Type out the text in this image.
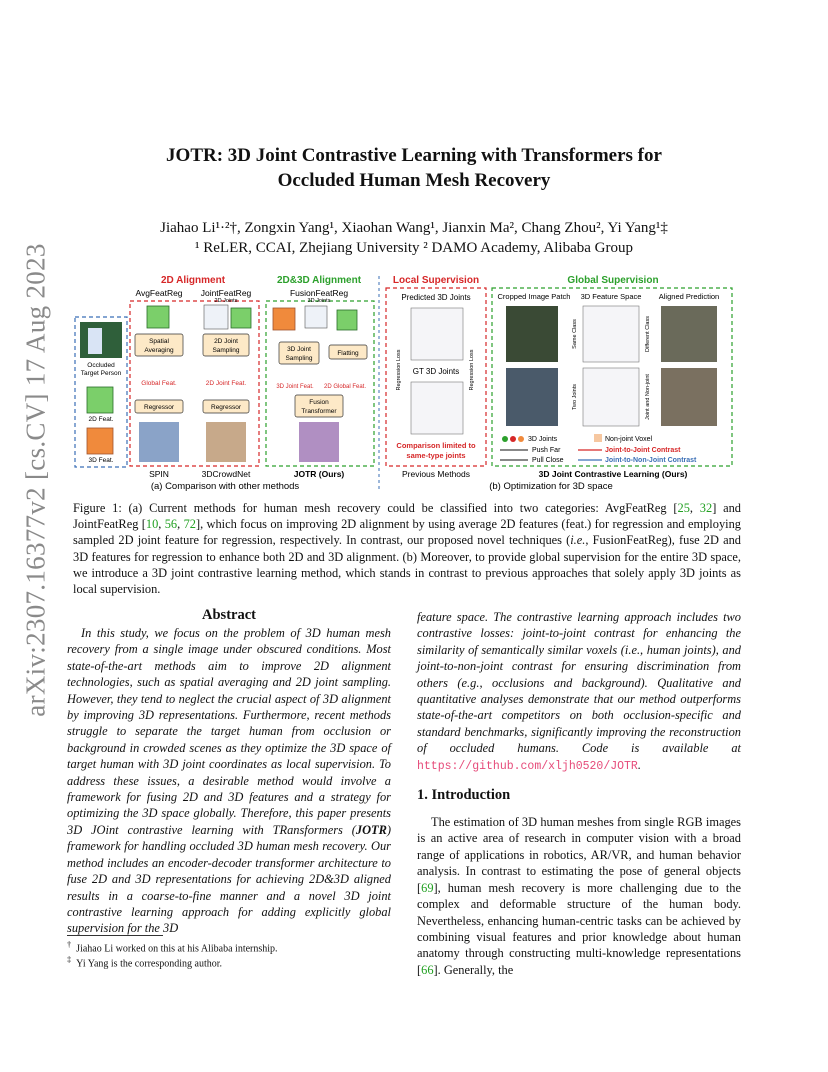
arXiv:2307.16377v2 [cs.CV] 17 Aug 2023
JOTR: 3D Joint Contrastive Learning with Transformers for
Occluded Human Mesh Recovery
Jiahao Li¹·²†, Zongxin Yang¹, Xiaohan Wang¹, Jianxin Ma², Chang Zhou², Yi Yang¹‡
¹ ReLER, CCAI, Zhejiang University ² DAMO Academy, Alibaba Group
Occluded
Target Person
2D Feat.
3D Feat.
2D Alignment
AvgFeatReg JointFeatReg
Spatial
Averaging
Global Feat.
Regressor
2D Joints
2D Joint
Sampling
2D Joint Feat.
Regressor
2D&3D Alignment
FusionFeatReg
3D Joints
3D Joint
Sampling
Flatting
3D Joint Feat. 2D Global Feat.
Fusion
Transformer
SPIN	3DCrowdNet	JOTR (Ours)
(a) Comparison with other methods
Local Supervision
Predicted 3D Joints
GT 3D Joints
Regression Loss	Regression Loss
Comparison limited to
same-type joints
Previous Methods
Global Supervision
Cropped Image Patch 3D Feature Space Aligned Prediction
Same Class	Different Class
Two Joints	Joint and Non-joint
3D Joints	Non-joint Voxel
Push Far
Pull Close
Joint-to-Joint Contrast
Joint-to-Non-Joint Contrast
3D Joint Contrastive Learning (Ours)
(b) Optimization for 3D space
Figure 1: (a) Current methods for human mesh recovery could be classified into two categories: AvgFeatReg [25, 32] and JointFeatReg [10, 56, 72], which focus on improving 2D alignment by using average 2D features (feat.) for regression and employing sampled 2D joint feature for regression, respectively. In contrast, our proposed novel techniques (i.e., FusionFeatReg), fuse 2D and 3D features for regression to enhance both 2D and 3D alignment. (b) Moreover, to provide global supervision for the entire 3D space, we introduce a 3D joint contrastive learning method, which stands in contrast to previous approaches that solely apply 3D joints as local supervision.
Abstract
In this study, we focus on the problem of 3D human mesh recovery from a single image under obscured conditions. Most state-of-the-art methods aim to improve 2D alignment technologies, such as spatial averaging and 2D joint sampling. However, they tend to neglect the crucial aspect of 3D alignment by improving 3D representations. Furthermore, recent methods struggle to separate the target human from occlusion or background in crowded scenes as they optimize the 3D space of target human with 3D joint coordinates as local supervision. To address these issues, a desirable method would involve a framework for fusing 2D and 3D features and a strategy for optimizing the 3D space globally. Therefore, this paper presents 3D JOint contrastive learning with TRansformers (JOTR) framework for handling occluded 3D human mesh recovery. Our method includes an encoder-decoder transformer architecture to fuse 2D and 3D representations for achieving 2D&3D aligned results in a coarse-to-fine manner and a novel 3D joint contrastive learning approach for adding explicitly global supervision for the 3D
† Jiahao Li worked on this at his Alibaba internship.
‡ Yi Yang is the corresponding author.
feature space. The contrastive learning approach includes two contrastive losses: joint-to-joint contrast for enhancing the similarity of semantically similar voxels (i.e., human joints), and joint-to-non-joint contrast for ensuring discrimination from others (e.g., occlusions and background). Qualitative and quantitative analyses demonstrate that our method outperforms state-of-the-art competitors on both occlusion-specific and standard benchmarks, significantly improving the reconstruction of occluded humans. Code is available at https://github.com/xljh0520/JOTR.
1. Introduction
The estimation of 3D human meshes from single RGB images is an active area of research in computer vision with a broad range of applications in robotics, AR/VR, and human behavior analysis. In contrast to estimating the pose of general objects [69], human mesh recovery is more challenging due to the complex and deformable structure of the human body. Nevertheless, enhancing human-centric tasks can be achieved by combining visual features and prior knowledge about human anatomy through constructing multi-knowledge representations [66]. Generally, the
